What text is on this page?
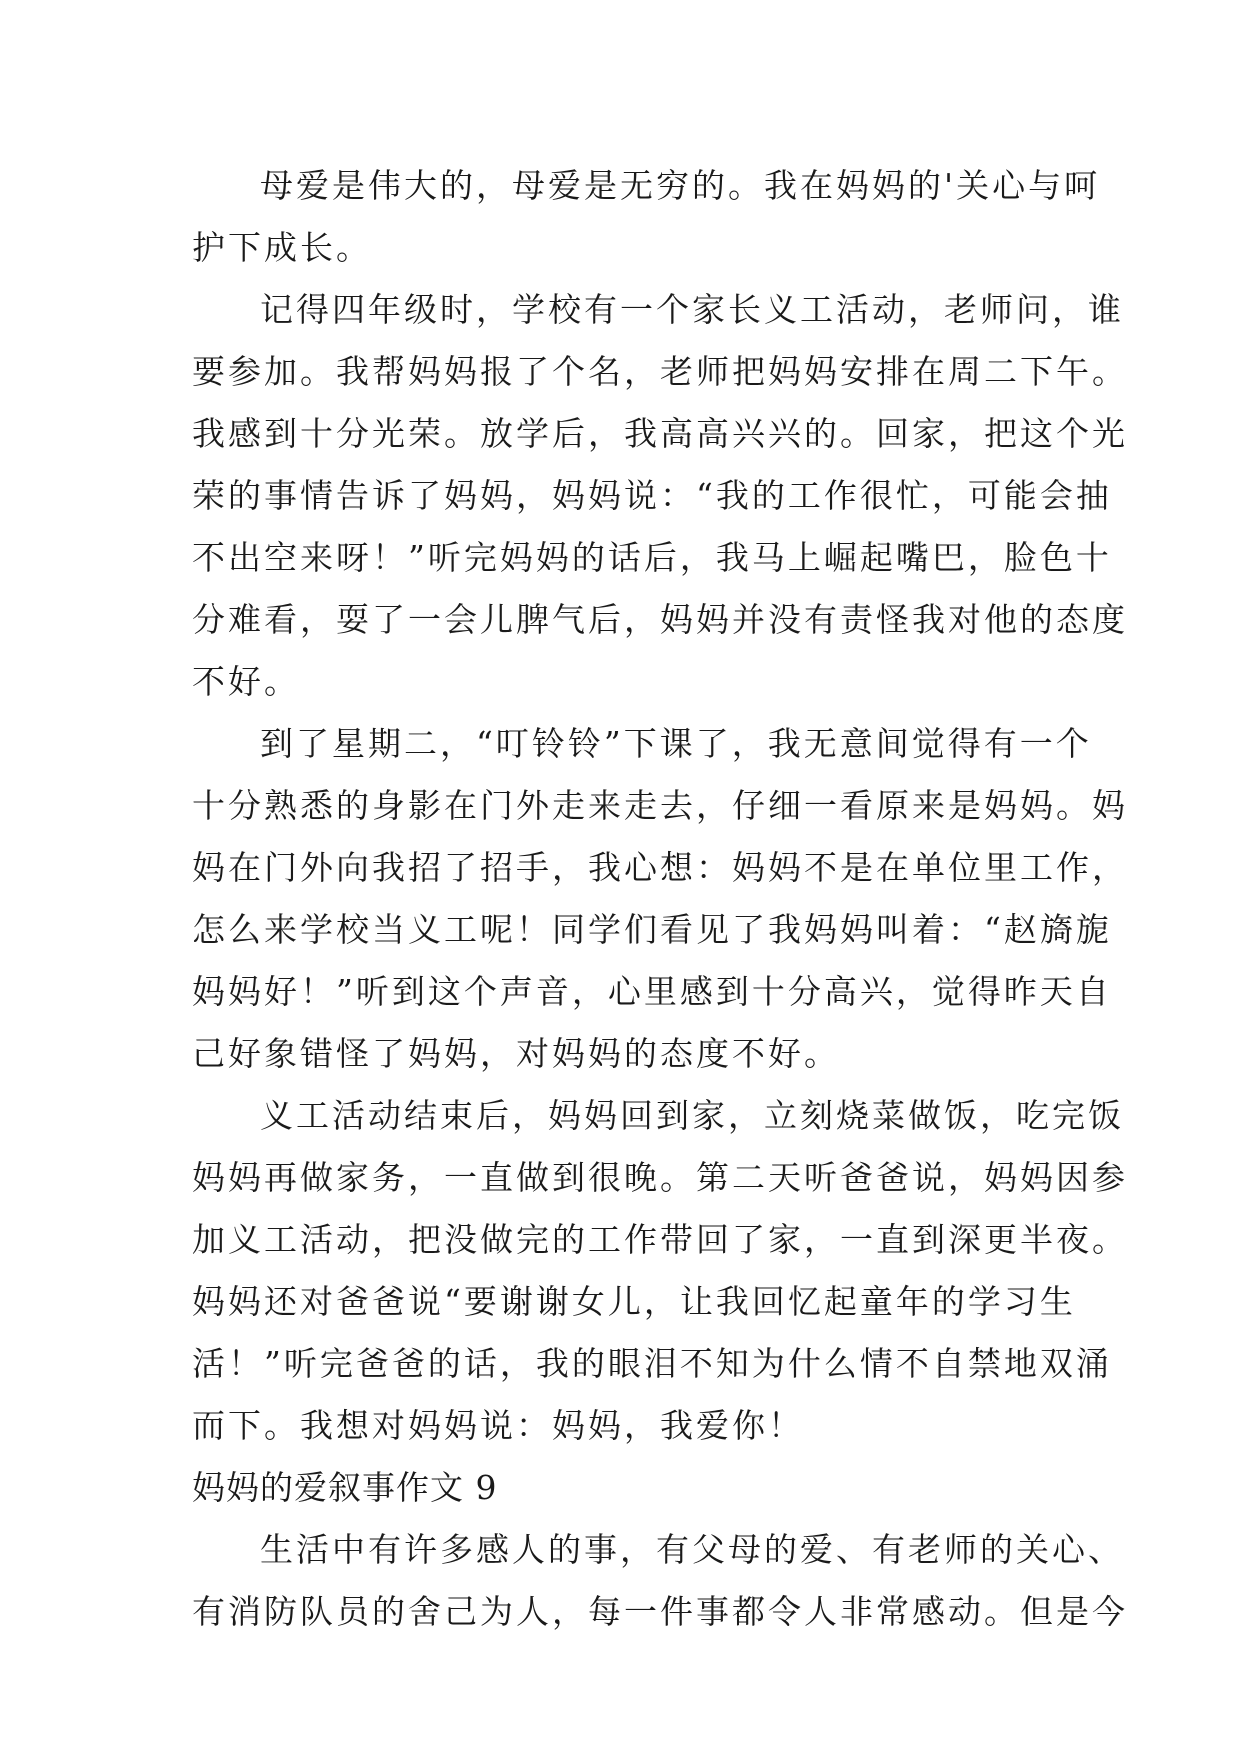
母爱是伟大的，母爱是无穷的。我在妈妈的'关心与呵
护下成长。
记得四年级时，学校有一个家长义工活动，老师问，谁
要参加。我帮妈妈报了个名，老师把妈妈安排在周二下午。
我感到十分光荣。放学后，我高高兴兴的。回家，把这个光
荣的事情告诉了妈妈，妈妈说：“我的工作很忙，可能会抽
不出空来呀！”听完妈妈的话后，我马上崛起嘴巴，脸色十
分难看，耍了一会儿脾气后，妈妈并没有责怪我对他的态度
不好。
到了星期二，“叮铃铃”下课了，我无意间觉得有一个
十分熟悉的身影在门外走来走去，仔细一看原来是妈妈。妈
妈在门外向我招了招手，我心想：妈妈不是在单位里工作，
怎么来学校当义工呢！同学们看见了我妈妈叫着：“赵旖旎
妈妈好！”听到这个声音，心里感到十分高兴，觉得昨天自
己好象错怪了妈妈，对妈妈的态度不好。
义工活动结束后，妈妈回到家，立刻烧菜做饭，吃完饭
妈妈再做家务，一直做到很晚。第二天听爸爸说，妈妈因参
加义工活动，把没做完的工作带回了家，一直到深更半夜。
妈妈还对爸爸说“要谢谢女儿，让我回忆起童年的学习生
活！”听完爸爸的话，我的眼泪不知为什么情不自禁地双涌
而下。我想对妈妈说：妈妈，我爱你！
妈妈的爱叙事作文 9
生活中有许多感人的事，有父母的爱、有老师的关心、
有消防队员的舍己为人，每一件事都令人非常感动。但是今
